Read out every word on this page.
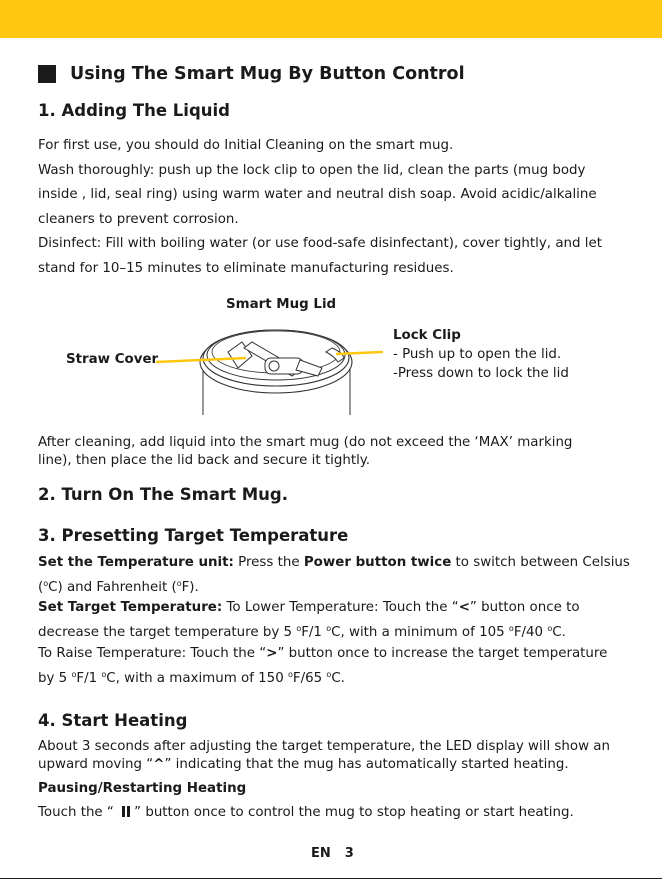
Using The Smart Mug By Button Control
1. Adding The Liquid
For first use, you should do Initial Cleaning on the smart mug.
Wash thoroughly: push up the lock clip to open the lid, clean the parts (mug body
inside , lid, seal ring) using warm water and neutral dish soap. Avoid acidic/alkaline
cleaners to prevent corrosion.
Disinfect: Fill with boiling water (or use food-safe disinfectant), cover tightly, and let
stand for 10–15 minutes to eliminate manufacturing residues.
Smart Mug Lid
Straw Cover
Lock Clip
- Push up to open the lid.
-Press down to lock the lid
After cleaning, add liquid into the smart mug (do not exceed the ‘MAX’ marking
line), then place the lid back and secure it tightly.
2. Turn On The Smart Mug.
3. Presetting Target Temperature
Set the Temperature unit: Press the Power button twice to switch between Celsius
($^o$C) and Fahrenheit ($^o$F).
Set Target Temperature: To Lower Temperature: Touch the “<” button once to
decrease the target temperature by 5 $^o$F/1 $^o$C, with a minimum of 105 $^o$F/40 $^o$C.
To Raise Temperature: Touch the “>” button once to increase the target temperature
by 5 $^o$F/1 $^o$C, with a maximum of 150 $^o$F/65 $^o$C.
4. Start Heating
About 3 seconds after adjusting the target temperature, the LED display will show an
upward moving “^” indicating that the mug has automatically started heating.
Pausing/Restarting Heating
Touch the “ ” button once to control the mug to stop heating or start heating.
EN 3
